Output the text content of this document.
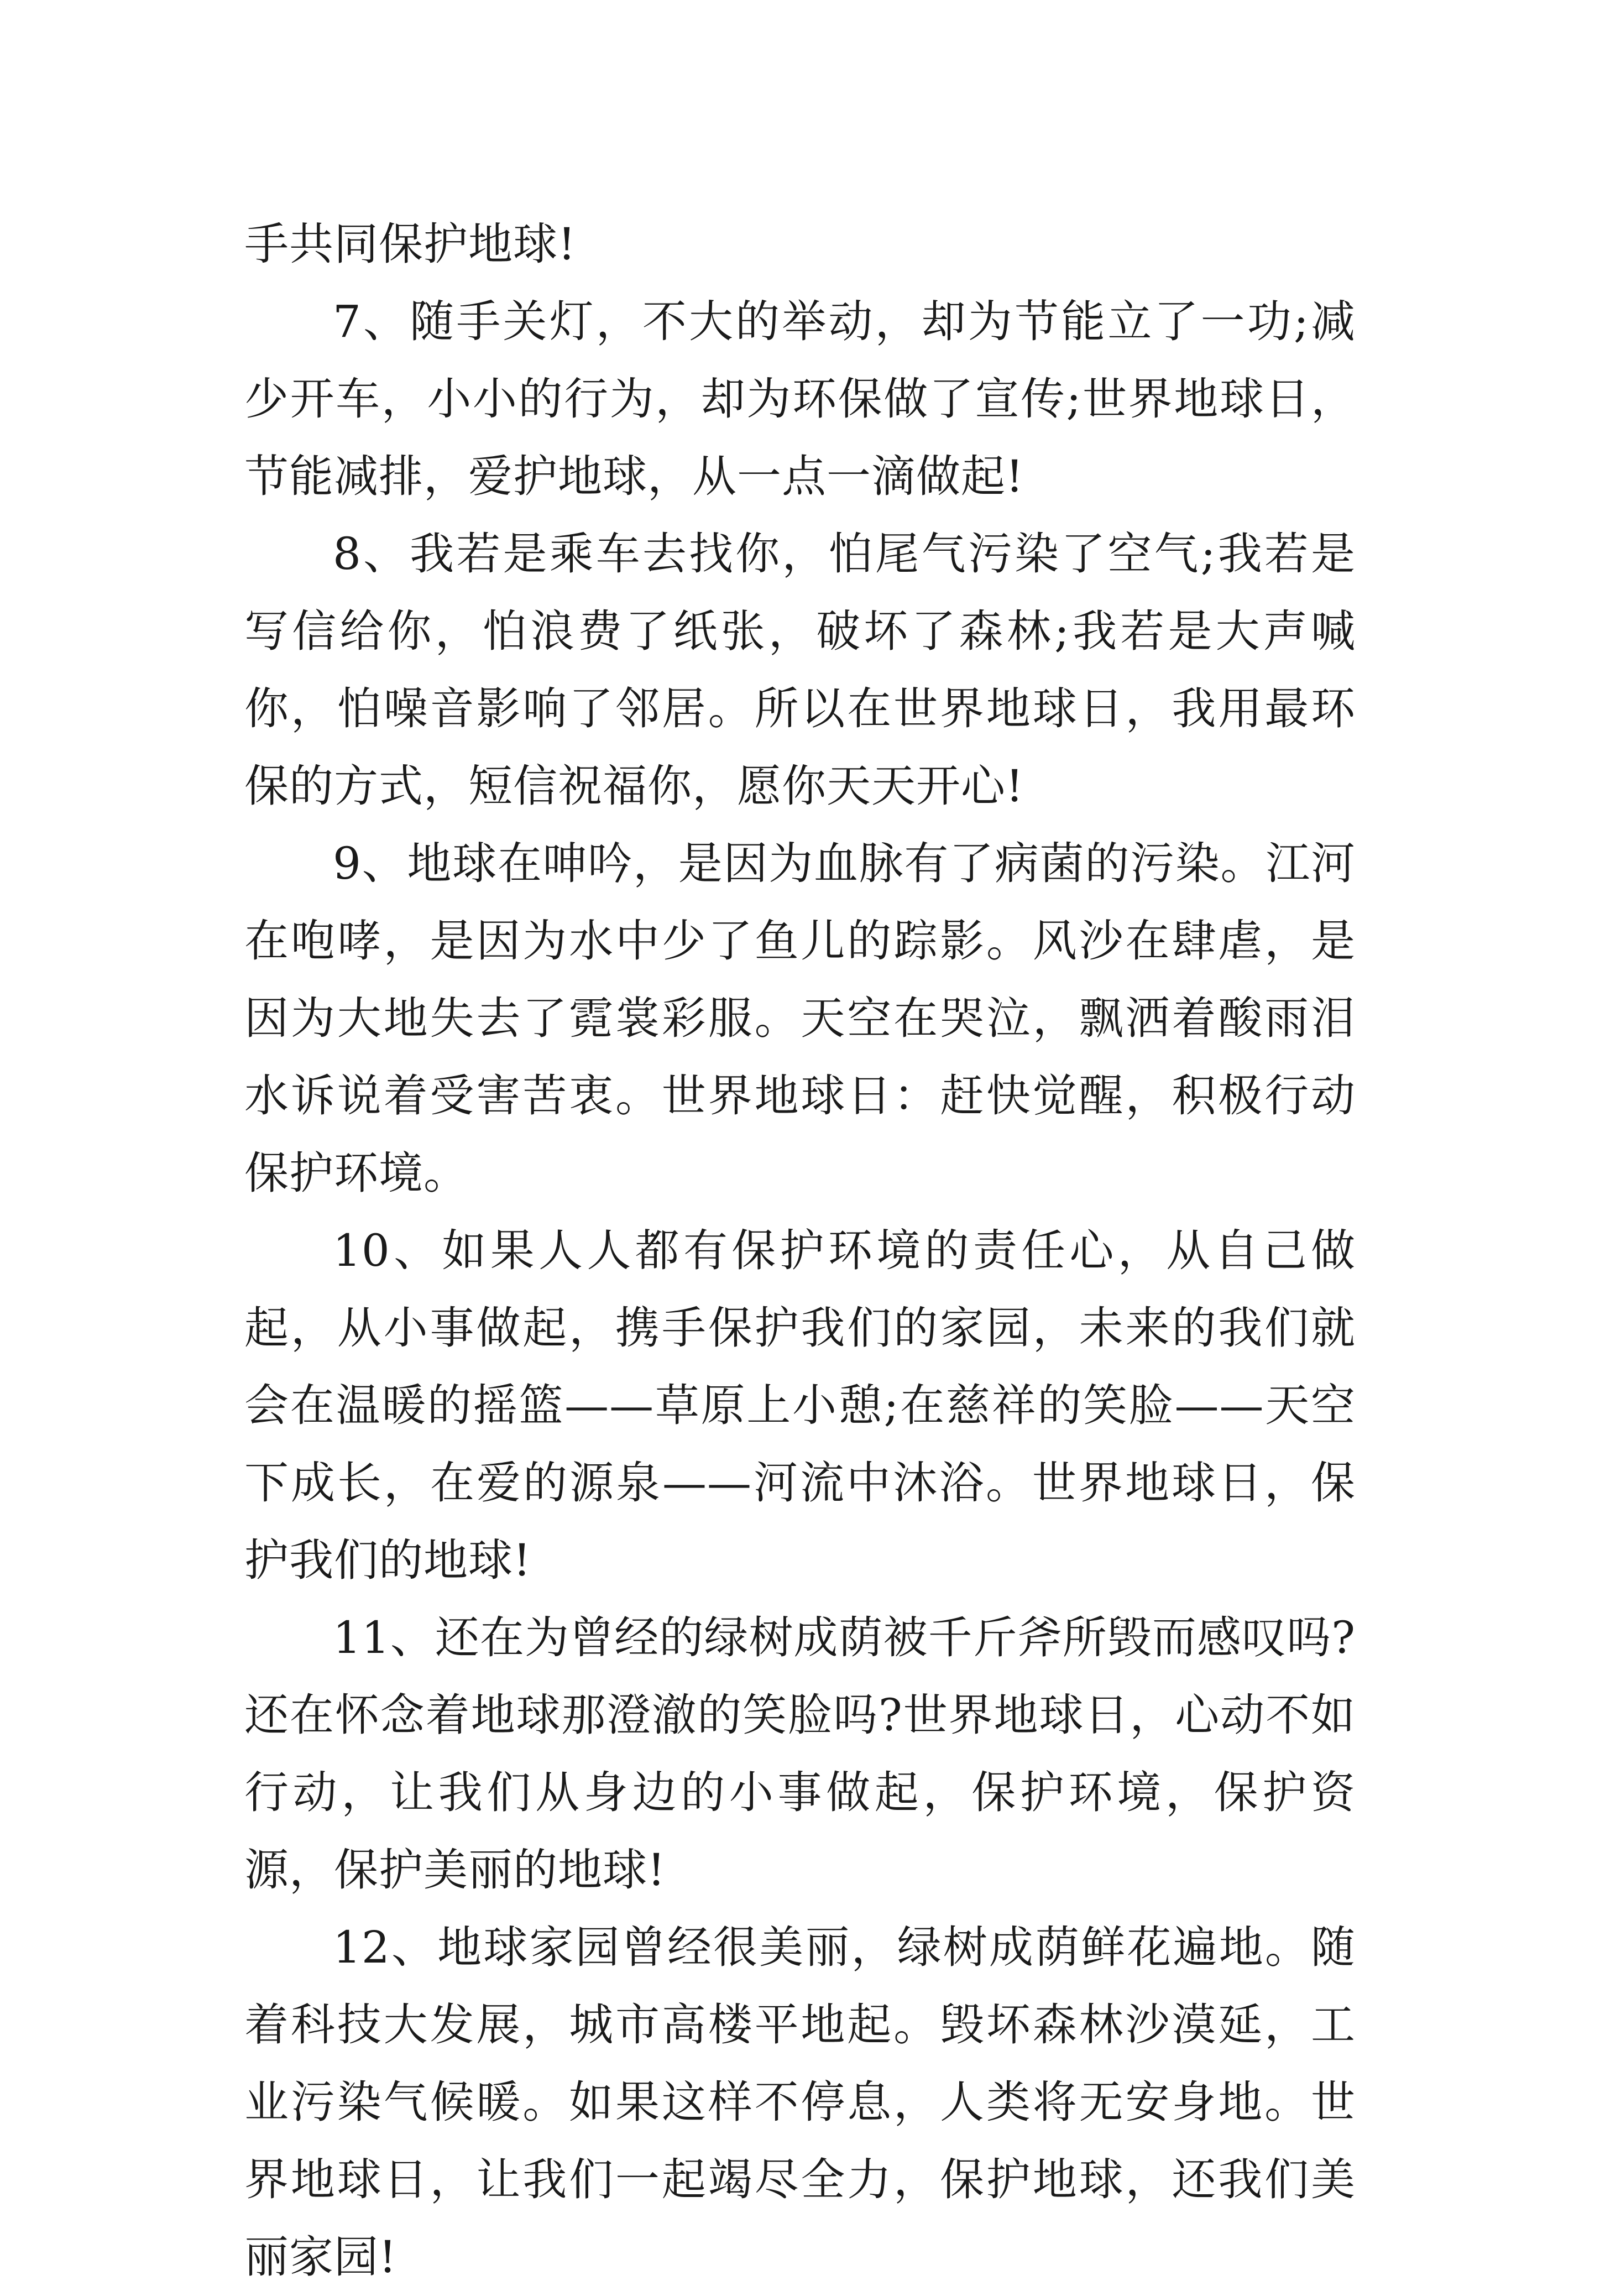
手共同保护地球!

7、随手关灯，不大的举动，却为节能立了一功;减少开车，小小的行为，却为环保做了宣传;世界地球日，节能减排，爱护地球，从一点一滴做起!

8、我若是乘车去找你，怕尾气污染了空气;我若是写信给你，怕浪费了纸张，破坏了森林;我若是大声喊你，怕噪音影响了邻居。所以在世界地球日，我用最环保的方式，短信祝福你，愿你天天开心!

9、地球在呻吟，是因为血脉有了病菌的污染。江河在咆哮，是因为水中少了鱼儿的踪影。风沙在肆虐，是因为大地失去了霓裳彩服。天空在哭泣，飘洒着酸雨泪水诉说着受害苦衷。世界地球日：赶快觉醒，积极行动保护环境。

10、如果人人都有保护环境的责任心，从自己做起，从小事做起，携手保护我们的家园，未来的我们就会在温暖的摇篮——草原上小憩;在慈祥的笑脸——天空下成长，在爱的源泉——河流中沐浴。世界地球日，保护我们的地球!

11、还在为曾经的绿树成荫被千斤斧所毁而感叹吗?还在怀念着地球那澄澈的笑脸吗?世界地球日，心动不如行动，让我们从身边的小事做起，保护环境，保护资源，保护美丽的地球!

12、地球家园曾经很美丽，绿树成荫鲜花遍地。随着科技大发展，城市高楼平地起。毁坏森林沙漠延，工业污染气候暖。如果这样不停息，人类将无安身地。世界地球日，让我们一起竭尽全力，保护地球，还我们美丽家园!
